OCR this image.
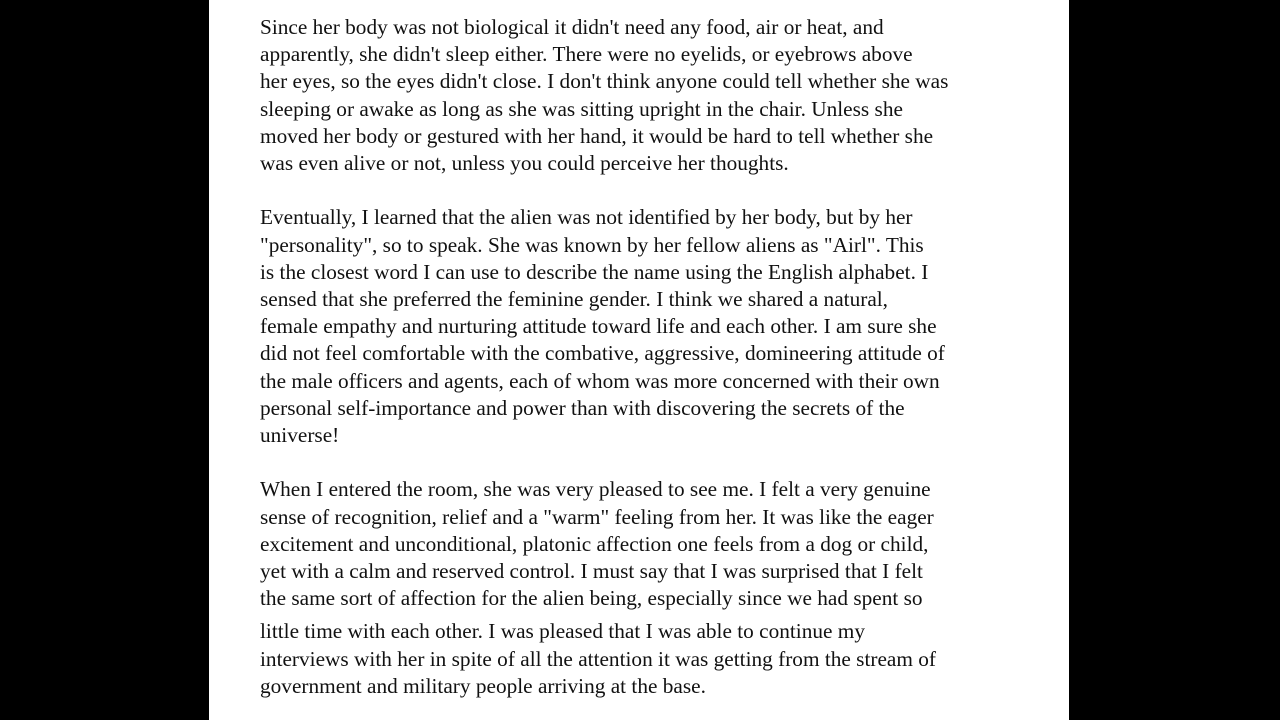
Since her body was not biological it didn't need any food, air or heat, and
apparently, she didn't sleep either. There were no eyelids, or eyebrows above
her eyes, so the eyes didn't close. I don't think anyone could tell whether she was
sleeping or awake as long as she was sitting upright in the chair. Unless she
moved her body or gestured with her hand, it would be hard to tell whether she
was even alive or not, unless you could perceive her thoughts.

Eventually, I learned that the alien was not identified by her body, but by her
"personality", so to speak. She was known by her fellow aliens as "Airl". This
is the closest word I can use to describe the name using the English alphabet. I
sensed that she preferred the feminine gender. I think we shared a natural,
female empathy and nurturing attitude toward life and each other. I am sure she
did not feel comfortable with the combative, aggressive, domineering attitude of
the male officers and agents, each of whom was more concerned with their own
personal self-importance and power than with discovering the secrets of the
universe!

When I entered the room, she was very pleased to see me. I felt a very genuine
sense of recognition, relief and a "warm" feeling from her. It was like the eager
excitement and unconditional, platonic affection one feels from a dog or child,
yet with a calm and reserved control. I must say that I was surprised that I felt
the same sort of affection for the alien being, especially since we had spent so
little time with each other. I was pleased that I was able to continue my
interviews with her in spite of all the attention it was getting from the stream of
government and military people arriving at the base.
